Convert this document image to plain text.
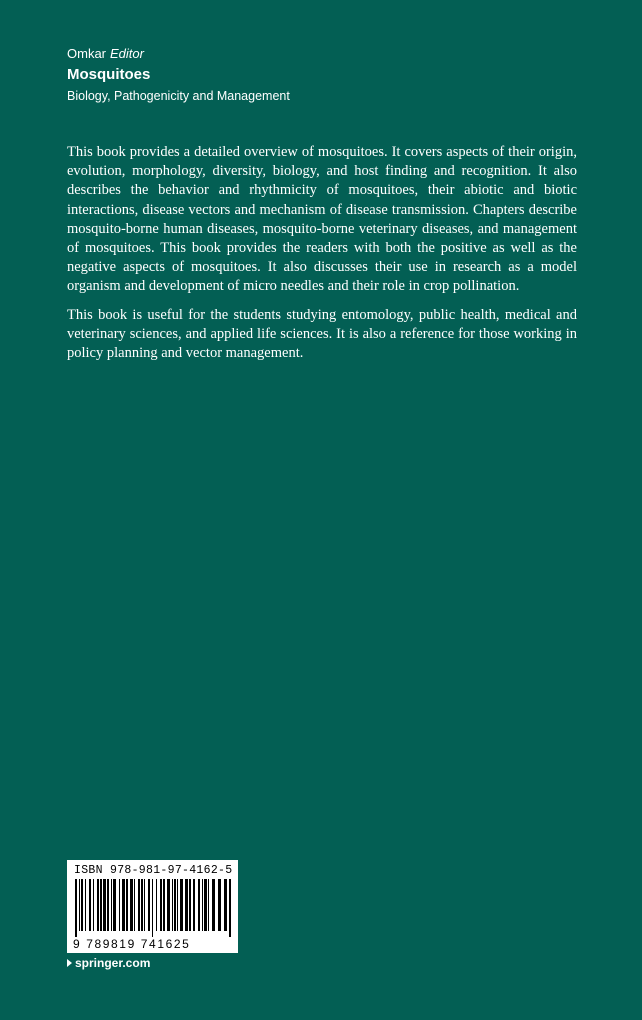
Omkar Editor
Mosquitoes
Biology, Pathogenicity and Management

This book provides a detailed overview of mosquitoes. It covers aspects of their origin, evolution, morphology, diversity, biology, and host finding and recognition. It also describes the behavior and rhythmicity of mosquitoes, their abiotic and biotic interactions, disease vectors and mechanism of disease transmission. Chapters describe mosquito-borne human diseases, mosquito-borne veterinary diseases, and management of mosquitoes. This book provides the readers with both the positive as well as the negative aspects of mosquitoes. It also discusses their use in research as a model organism and development of micro needles and their role in crop pollination.

This book is useful for the students studying entomology, public health, medical and veterinary sciences, and applied life sciences. It is also a reference for those working in policy planning and vector management.

ISBN 978-981-97-4162-5
9 789819 741625
springer.com
